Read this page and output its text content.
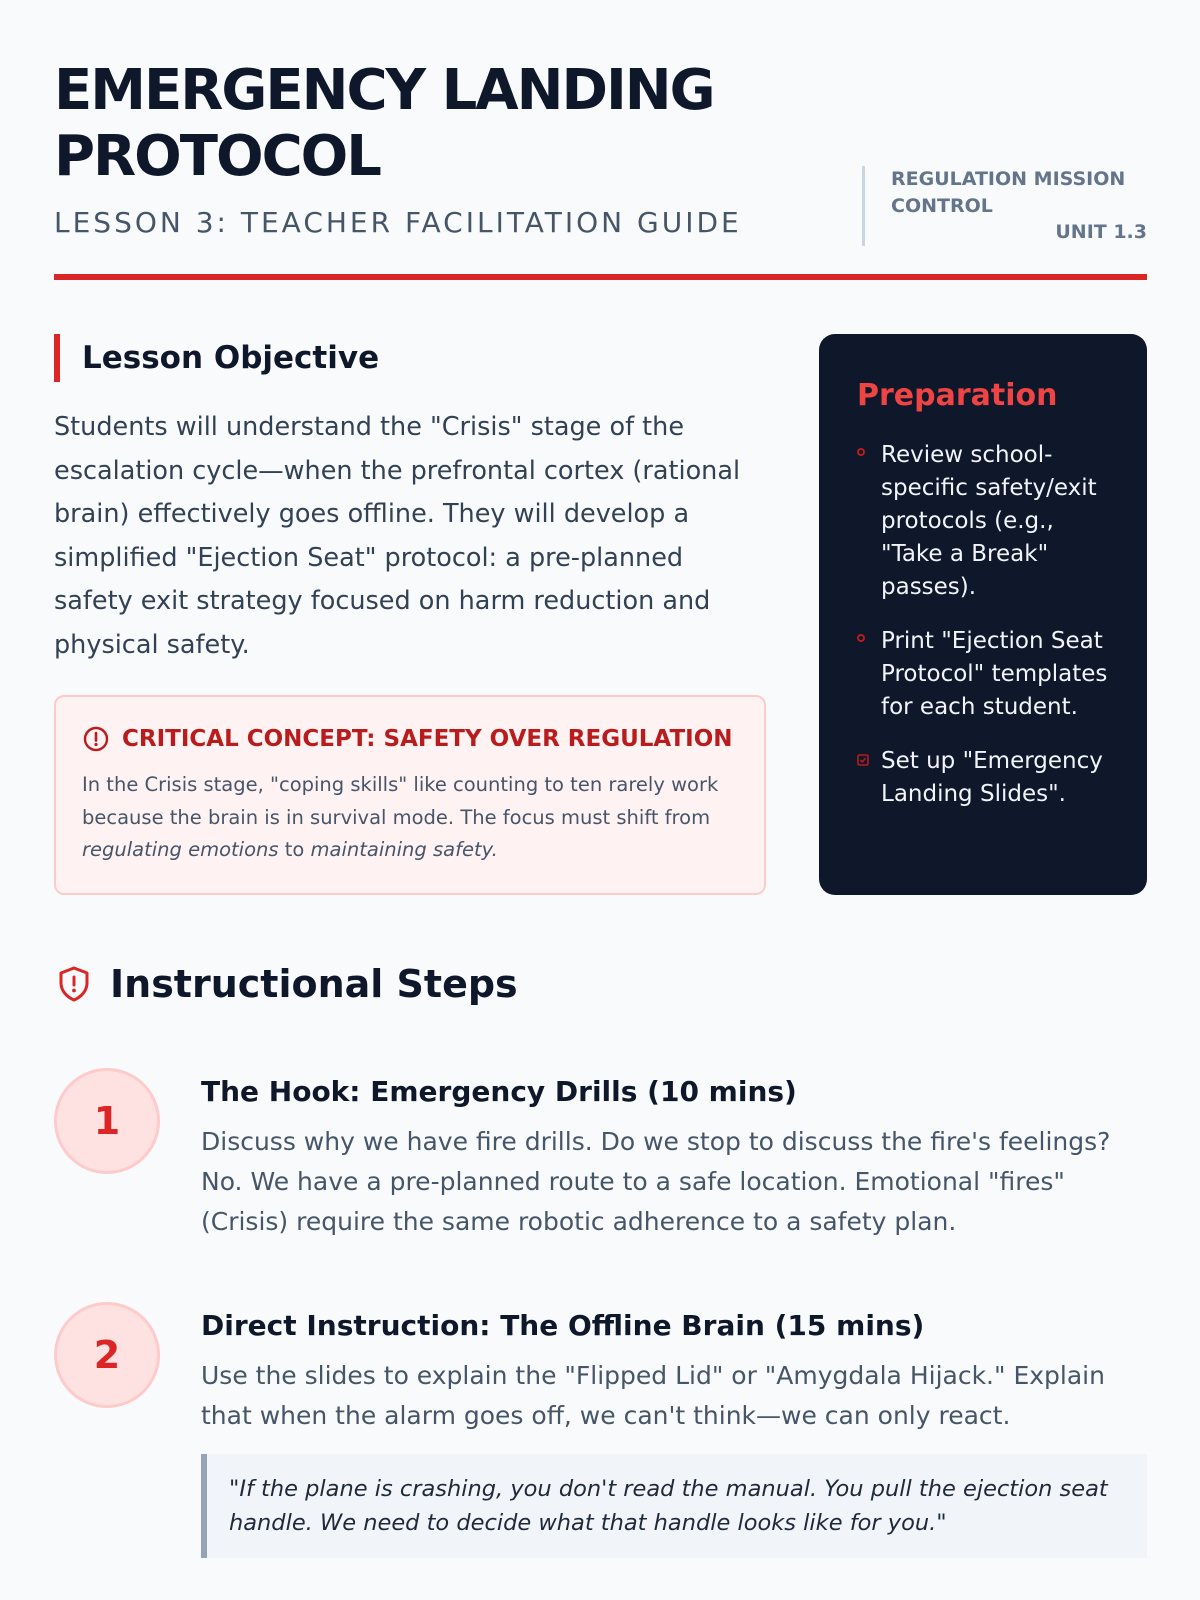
EMERGENCY LANDING PROTOCOL
LESSON 3: TEACHER FACILITATION GUIDE
REGULATION MISSION CONTROL
UNIT 1.3
Lesson Objective

Students will understand the "Crisis" stage of the escalation cycle—when the prefrontal cortex (rational brain) effectively goes offline. They will develop a simplified "Ejection Seat" protocol: a pre-planned safety exit strategy focused on harm reduction and physical safety.

CRITICAL CONCEPT: SAFETY OVER REGULATION

In the Crisis stage, "coping skills" like counting to ten rarely work because the brain is in survival mode. The focus must shift from regulating emotions to maintaining safety.

Preparation
Review school-specific safety/exit protocols (e.g., "Take a Break" passes).
Print "Ejection Seat Protocol" templates for each student.
Set up "Emergency Landing Slides".
Instructional Steps
1
The Hook: Emergency Drills (10 mins)

Discuss why we have fire drills. Do we stop to discuss the fire's feelings? No. We have a pre-planned route to a safe location. Emotional "fires" (Crisis) require the same robotic adherence to a safety plan.

2
Direct Instruction: The Offline Brain (15 mins)

Use the slides to explain the "Flipped Lid" or "Amygdala Hijack." Explain that when the alarm goes off, we can't think—we can only react.

"If the plane is crashing, you don't read the manual. You pull the ejection seat handle. We need to decide what that handle looks like for you."
